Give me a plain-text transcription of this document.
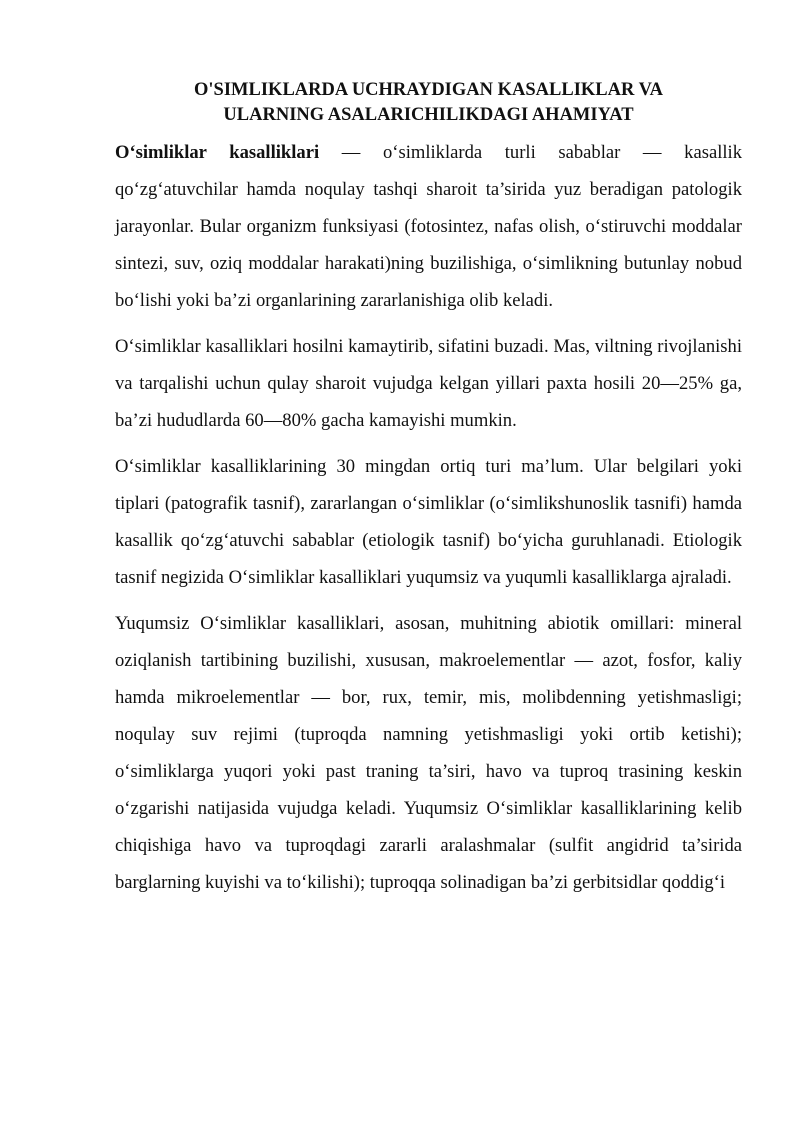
O'SIMLIKLARDA UCHRAYDIGAN KASALLIKLAR VA
ULARNING ASALARICHILIKDAGI AHAMIYAT

O‘simliklar kasalliklari — o‘simliklarda turli sabablar — kasallik qo‘zg‘atuvchilar hamda noqulay tashqi sharoit ta’sirida yuz beradigan patologik jarayonlar. Bular organizm funksiyasi (fotosintez, nafas olish, o‘stiruvchi moddalar sintezi, suv, oziq moddalar harakati)ning buzilishiga, o‘simlikning butunlay nobud bo‘lishi yoki ba’zi organlarining zararlanishiga olib keladi.

O‘simliklar kasalliklari hosilni kamaytirib, sifatini buzadi. Mas, viltning rivojlanishi va tarqalishi uchun qulay sharoit vujudga kelgan yillari paxta hosili 20—25% ga, ba’zi hududlarda 60—80% gacha kamayishi mumkin.

O‘simliklar kasalliklarining 30 mingdan ortiq turi ma’lum. Ular belgilari yoki tiplari (patografik tasnif), zararlangan o‘simliklar (o‘simlikshunoslik tasnifi) hamda kasallik qo‘zg‘atuvchi sabablar (etiologik tasnif) bo‘yicha guruhlanadi. Etiologik tasnif negizida O‘simliklar kasalliklari yuqumsiz va yuqumli kasalliklarga ajraladi.

Yuqumsiz O‘simliklar kasalliklari, asosan, muhitning abiotik omillari: mineral oziqlanish tartibining buzilishi, xususan, makroelementlar — azot, fosfor, kaliy hamda mikroelementlar — bor, rux, temir, mis, molibdenning yetishmasligi; noqulay suv rejimi (tuproqda namning yetishmasligi yoki ortib ketishi); o‘simliklarga yuqori yoki past traning ta’siri, havo va tuproq trasining keskin o‘zgarishi natijasida vujudga keladi. Yuqumsiz O‘simliklar kasalliklarining kelib chiqishiga havo va tuproqdagi zararli aralashmalar (sulfit angidrid ta’sirida barglarning kuyishi va to‘kilishi); tuproqqa solinadigan ba’zi gerbitsidlar qoddig‘i
